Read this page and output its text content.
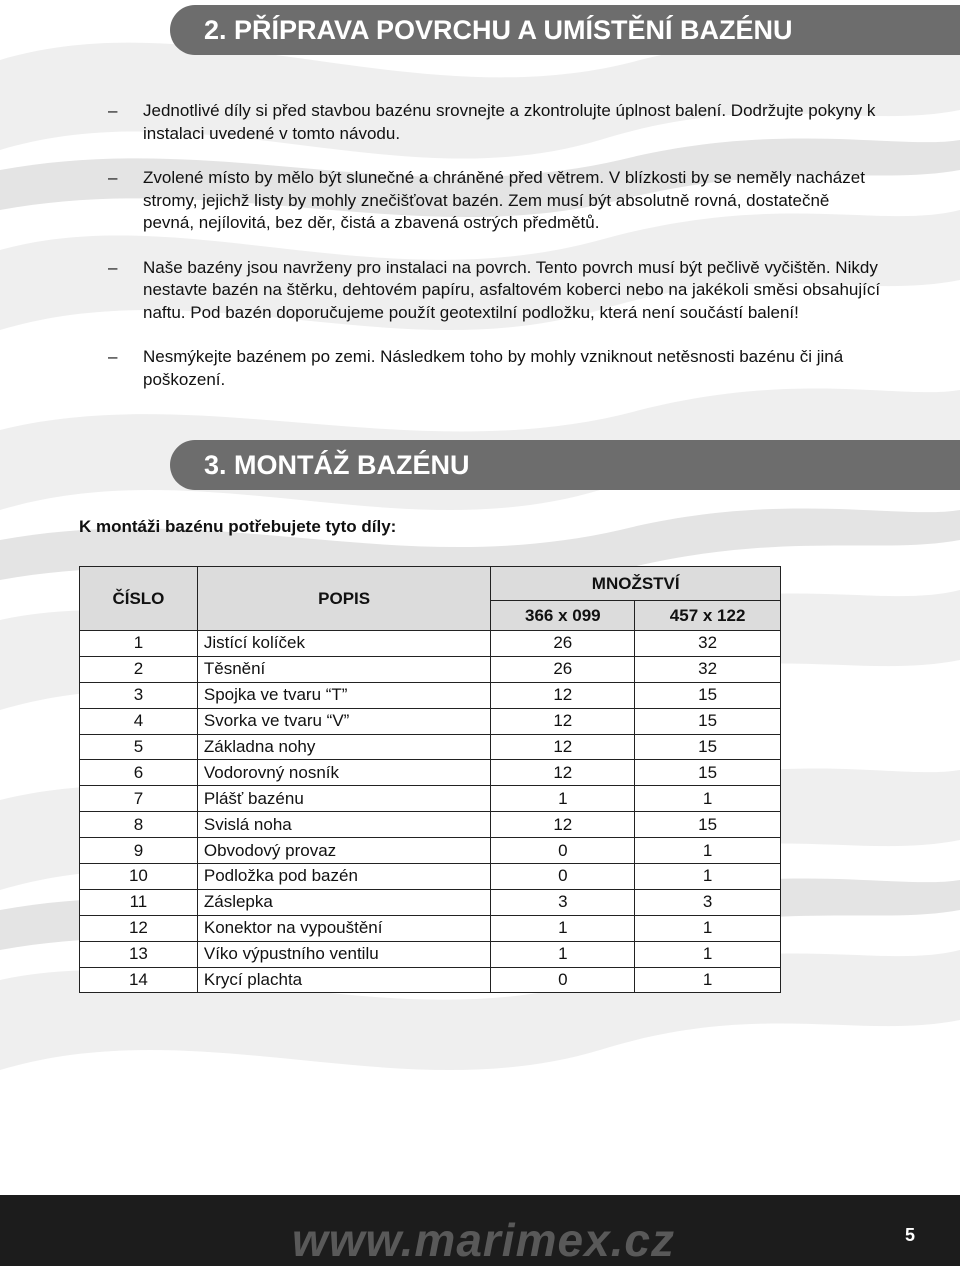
2. PŘÍPRAVA POVRCHU A UMÍSTĚNÍ BAZÉNU
–	Jednotlivé díly si před stavbou bazénu srovnejte a zkontrolujte úplnost balení. Dodržujte pokyny k instalaci uvedené v tomto návodu.
–	Zvolené místo by mělo být slunečné a chráněné před větrem. V blízkosti by se neměly nacházet stromy, jejichž listy by mohly znečišťovat bazén. Zem musí být absolutně rovná, dostatečně pevná, nejílovitá, bez děr, čistá a zbavená ostrých předmětů.
–	Naše bazény jsou navrženy pro instalaci na povrch. Tento povrch musí být pečlivě vyčištěn. Nikdy nestavte bazén na štěrku, dehtovém papíru, asfaltovém koberci nebo na jakékoli směsi obsahující naftu. Pod bazén doporučujeme použít geotextilní podložku, která není součástí balení!
–	Nesmýkejte bazénem po zemi. Následkem toho by mohly vzniknout netěsnosti bazénu či jiná poškození.
3. MONTÁŽ BAZÉNU
K montáži bazénu potřebujete tyto díly:
ČÍSLO	POPIS	MNOŽSTVÍ	
		366 x 099	457 x 122
1	Jistící kolíček	26	32
2	Těsnění	26	32
3	Spojka ve tvaru “T”	12	15
4	Svorka ve tvaru “V”	12	15
5	Základna nohy	12	15
6	Vodorovný nosník	12	15
7	Plášť bazénu	1	1
8	Svislá noha	12	15
9	Obvodový provaz	0	1
10	Podložka pod bazén	0	1
11	Záslepka	3	3
12	Konektor na vypouštění	1	1
13	Víko výpustního ventilu	1	1
14	Krycí plachta	0	1
www.marimex.cz	5
